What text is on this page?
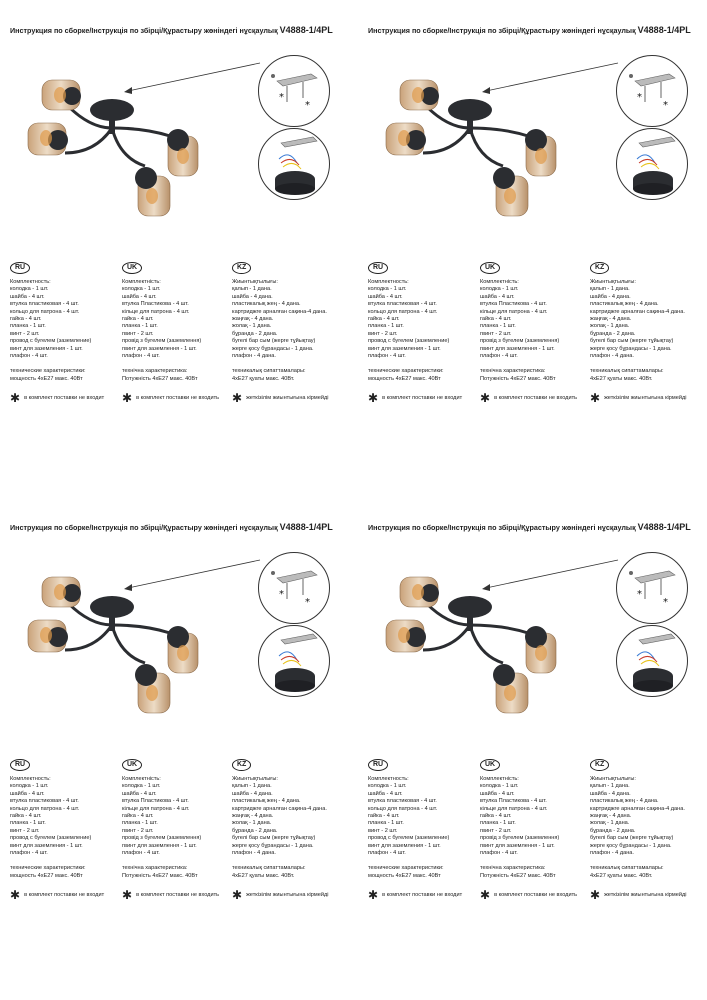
Инструкция по сборке/Інструкція по збірці/Құрастыру жөніндегі нұсқаулық V4888-1/4PL
*
*
RU
Комплектность:
колодка - 1 шт.
шайба - 4 шт.
втулка пластиковая - 4 шт.
кольцо для патрона - 4 шт.
гайка - 4 шт.
планка - 1 шт.
винт - 2 шт.
провод с бугелем (заземление)
винт для заземления - 1 шт.
плафон - 4 шт.
технические характеристики:
мощность 4xE27 макс. 40Вт
✱ в комплект поставки не входит
UK
Комплектність:
колодка - 1 шт.
шайба - 4 шт.
втулка Пластикова - 4 шт.
кільце для патрона - 4 шт.
гайка - 4 шт.
планка - 1 шт.
гвинт - 2 шт.
провід з бугелем (заземлення)
гвинт для заземлення - 1 шт.
плафон - 4 шт.
технічна характеристика:
Потужність 4xE27 макс. 40Вт
✱ в комплект поставки не входить
KZ
Жиынтықтылығы:
қалып - 1 дана.
шайба - 4 дана.
пластикалық жең - 4 дана.
картриджге арналған сақина-4 дана.
жаңғақ - 4 дана.
жолақ - 1 дана.
бұранда - 2 дана.
бугелі бар сым (жерге тұйықтау)
жерге қосу бұрандасы - 1 дана.
плафон - 4 дана.
техникалық сипаттамалары:
4xE27 қуаты макс. 40Вт.
✱ жеткізілім жиынтығына кірмейді
Инструкция по сборке/Інструкція по збірці/Құрастыру жөніндегі нұсқаулық V4888-1/4PL
*
*
RU
Комплектность:
колодка - 1 шт.
шайба - 4 шт.
втулка пластиковая - 4 шт.
кольцо для патрона - 4 шт.
гайка - 4 шт.
планка - 1 шт.
винт - 2 шт.
провод с бугелем (заземление)
винт для заземления - 1 шт.
плафон - 4 шт.
технические характеристики:
мощность 4xE27 макс. 40Вт
✱ в комплект поставки не входит
UK
Комплектність:
колодка - 1 шт.
шайба - 4 шт.
втулка Пластикова - 4 шт.
кільце для патрона - 4 шт.
гайка - 4 шт.
планка - 1 шт.
гвинт - 2 шт.
провід з бугелем (заземлення)
гвинт для заземлення - 1 шт.
плафон - 4 шт.
технічна характеристика:
Потужність 4xE27 макс. 40Вт
✱ в комплект поставки не входить
KZ
Жиынтықтылығы:
қалып - 1 дана.
шайба - 4 дана.
пластикалық жең - 4 дана.
картриджге арналған сақина-4 дана.
жаңғақ - 4 дана.
жолақ - 1 дана.
бұранда - 2 дана.
бугелі бар сым (жерге тұйықтау)
жерге қосу бұрандасы - 1 дана.
плафон - 4 дана.
техникалық сипаттамалары:
4xE27 қуаты макс. 40Вт.
✱ жеткізілім жиынтығына кірмейді
Инструкция по сборке/Інструкція по збірці/Құрастыру жөніндегі нұсқаулық V4888-1/4PL
*
*
RU
Комплектность:
колодка - 1 шт.
шайба - 4 шт.
втулка пластиковая - 4 шт.
кольцо для патрона - 4 шт.
гайка - 4 шт.
планка - 1 шт.
винт - 2 шт.
провод с бугелем (заземление)
винт для заземления - 1 шт.
плафон - 4 шт.
технические характеристики:
мощность 4xE27 макс. 40Вт
✱ в комплект поставки не входит
UK
Комплектність:
колодка - 1 шт.
шайба - 4 шт.
втулка Пластикова - 4 шт.
кільце для патрона - 4 шт.
гайка - 4 шт.
планка - 1 шт.
гвинт - 2 шт.
провід з бугелем (заземлення)
гвинт для заземлення - 1 шт.
плафон - 4 шт.
технічна характеристика:
Потужність 4xE27 макс. 40Вт
✱ в комплект поставки не входить
KZ
Жиынтықтылығы:
қалып - 1 дана.
шайба - 4 дана.
пластикалық жең - 4 дана.
картриджге арналған сақина-4 дана.
жаңғақ - 4 дана.
жолақ - 1 дана.
бұранда - 2 дана.
бугелі бар сым (жерге тұйықтау)
жерге қосу бұрандасы - 1 дана.
плафон - 4 дана.
техникалық сипаттамалары:
4xE27 қуаты макс. 40Вт.
✱ жеткізілім жиынтығына кірмейді
Инструкция по сборке/Інструкція по збірці/Құрастыру жөніндегі нұсқаулық V4888-1/4PL
*
*
RU
Комплектность:
колодка - 1 шт.
шайба - 4 шт.
втулка пластиковая - 4 шт.
кольцо для патрона - 4 шт.
гайка - 4 шт.
планка - 1 шт.
винт - 2 шт.
провод с бугелем (заземление)
винт для заземления - 1 шт.
плафон - 4 шт.
технические характеристики:
мощность 4xE27 макс. 40Вт
✱ в комплект поставки не входит
UK
Комплектність:
колодка - 1 шт.
шайба - 4 шт.
втулка Пластикова - 4 шт.
кільце для патрона - 4 шт.
гайка - 4 шт.
планка - 1 шт.
гвинт - 2 шт.
провід з бугелем (заземлення)
гвинт для заземлення - 1 шт.
плафон - 4 шт.
технічна характеристика:
Потужність 4xE27 макс. 40Вт
✱ в комплект поставки не входить
KZ
Жиынтықтылығы:
қалып - 1 дана.
шайба - 4 дана.
пластикалық жең - 4 дана.
картриджге арналған сақина-4 дана.
жаңғақ - 4 дана.
жолақ - 1 дана.
бұранда - 2 дана.
бугелі бар сым (жерге тұйықтау)
жерге қосу бұрандасы - 1 дана.
плафон - 4 дана.
техникалық сипаттамалары:
4xE27 қуаты макс. 40Вт.
✱ жеткізілім жиынтығына кірмейді
